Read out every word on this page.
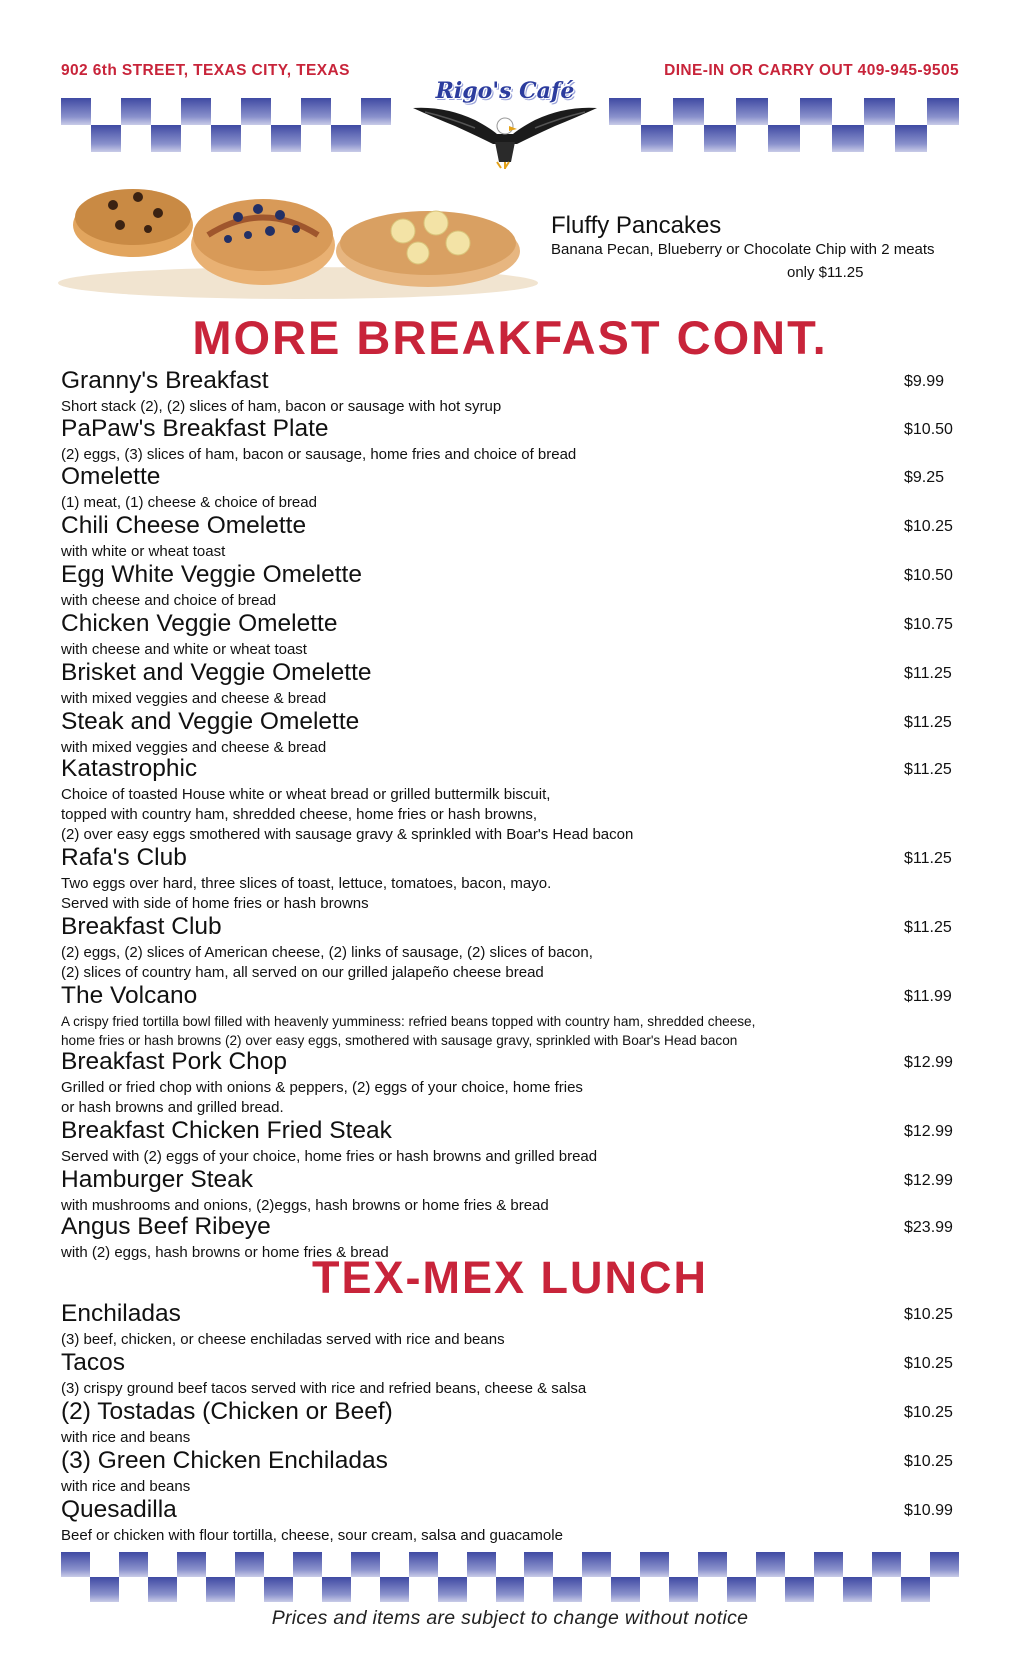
902 6th STREET, TEXAS CITY, TEXAS	DINE-IN OR CARRY OUT 409-945-9505
Rigo's Café
Fluffy Pancakes
Banana Pecan, Blueberry or Chocolate Chip with 2 meats
only $11.25
MORE BREAKFAST CONT.
Granny's Breakfast	$9.99
Short stack (2), (2) slices of ham, bacon or sausage with hot syrup
PaPaw's Breakfast Plate	$10.50
(2) eggs, (3) slices of ham, bacon or sausage, home fries and choice of bread
Omelette	$9.25
(1) meat, (1) cheese & choice of bread
Chili Cheese Omelette	$10.25
with white or wheat toast
Egg White Veggie Omelette	$10.50
with cheese and choice of bread
Chicken Veggie Omelette	$10.75
with cheese and white or wheat toast
Brisket and Veggie Omelette	$11.25
with mixed veggies and cheese & bread
Steak and Veggie Omelette	$11.25
with mixed veggies and cheese & bread
Katastrophic	$11.25
Choice of toasted House white or wheat bread or grilled buttermilk biscuit,
topped with country ham, shredded cheese, home fries or hash browns,
(2) over easy eggs smothered with sausage gravy & sprinkled with Boar's Head bacon
Rafa's Club	$11.25
Two eggs over hard, three slices of toast, lettuce, tomatoes, bacon, mayo.
Served with side of home fries or hash browns
Breakfast Club	$11.25
(2) eggs, (2) slices of American cheese, (2) links of sausage, (2) slices of bacon,
(2) slices of country ham, all served on our grilled jalapeño cheese bread
The Volcano	$11.99
A crispy fried tortilla bowl filled with heavenly yumminess: refried beans topped with country ham, shredded cheese,
home fries or hash browns (2) over easy eggs, smothered with sausage gravy, sprinkled with Boar's Head bacon
Breakfast Pork Chop	$12.99
Grilled or fried chop with onions & peppers, (2) eggs of your choice, home fries
or hash browns and grilled bread.
Breakfast Chicken Fried Steak	$12.99
Served with (2) eggs of your choice, home fries or hash browns and grilled bread
Hamburger Steak	$12.99
with mushrooms and onions, (2)eggs, hash browns or home fries & bread
Angus Beef Ribeye	$23.99
with (2) eggs, hash browns or home fries & bread
TEX-MEX LUNCH
Enchiladas	$10.25
(3) beef, chicken, or cheese enchiladas served with rice and beans
Tacos	$10.25
(3) crispy ground beef tacos served with rice and refried beans, cheese & salsa
(2) Tostadas (Chicken or Beef)	$10.25
with rice and beans
(3) Green Chicken Enchiladas	$10.25
with rice and beans
Quesadilla	$10.99
Beef or chicken with flour tortilla, cheese, sour cream, salsa and guacamole
Prices and items are subject to change without notice
